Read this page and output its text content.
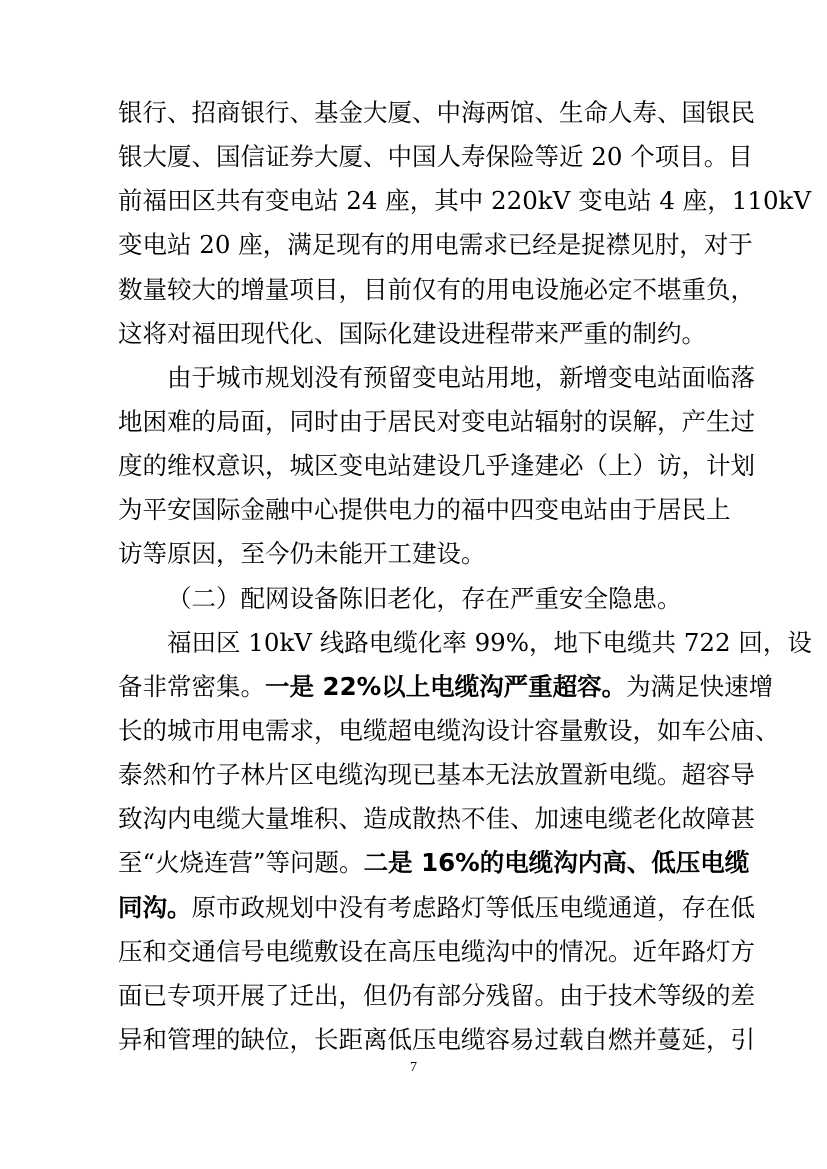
银行、招商银行、基金大厦、中海两馆、生命人寿、国银民
银大厦、国信证券大厦、中国人寿保险等近 20 个项目。目
前福田区共有变电站 24 座，其中 220kV 变电站 4 座，110kV
变电站 20 座，满足现有的用电需求已经是捉襟见肘，对于
数量较大的增量项目，目前仅有的用电设施必定不堪重负，
这将对福田现代化、国际化建设进程带来严重的制约。
由于城市规划没有预留变电站用地，新增变电站面临落
地困难的局面，同时由于居民对变电站辐射的误解，产生过
度的维权意识，城区变电站建设几乎逢建必（上）访，计划
为平安国际金融中心提供电力的福中四变电站由于居民上
访等原因，至今仍未能开工建设。
（二）配网设备陈旧老化，存在严重安全隐患。
福田区 10kV 线路电缆化率 99%，地下电缆共 722 回，设
备非常密集。一是 22%以上电缆沟严重超容。为满足快速增
长的城市用电需求，电缆超电缆沟设计容量敷设，如车公庙、
泰然和竹子林片区电缆沟现已基本无法放置新电缆。超容导
致沟内电缆大量堆积、造成散热不佳、加速电缆老化故障甚
至“火烧连营”等问题。二是 16%的电缆沟内高、低压电缆
同沟。原市政规划中没有考虑路灯等低压电缆通道，存在低
压和交通信号电缆敷设在高压电缆沟中的情况。近年路灯方
面已专项开展了迁出，但仍有部分残留。由于技术等级的差
异和管理的缺位，长距离低压电缆容易过载自燃并蔓延，引
7
